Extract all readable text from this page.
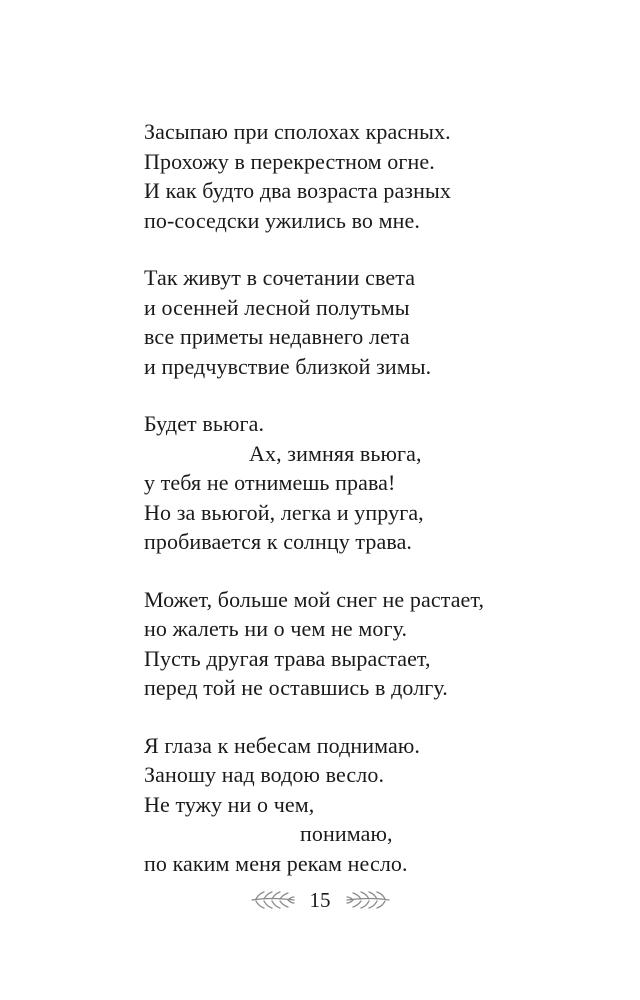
Засыпаю при сполохах красных.
Прохожу в перекрестном огне.
И как будто два возраста разных
по-соседски ужились во мне.
Так живут в сочетании света
и осенней лесной полутьмы
все приметы недавнего лета
и предчувствие близкой зимы.
Будет вьюга.
Ах, зимняя вьюга,
у тебя не отнимешь права!
Но за вьюгой, легка и упруга,
пробивается к солнцу трава.
Может, больше мой снег не растает,
но жалеть ни о чем не могу.
Пусть другая трава вырастает,
перед той не оставшись в долгу.
Я глаза к небесам поднимаю.
Заношу над водою весло.
Не тужу ни о чем,
понимаю,
по каким меня рекам несло.
15
